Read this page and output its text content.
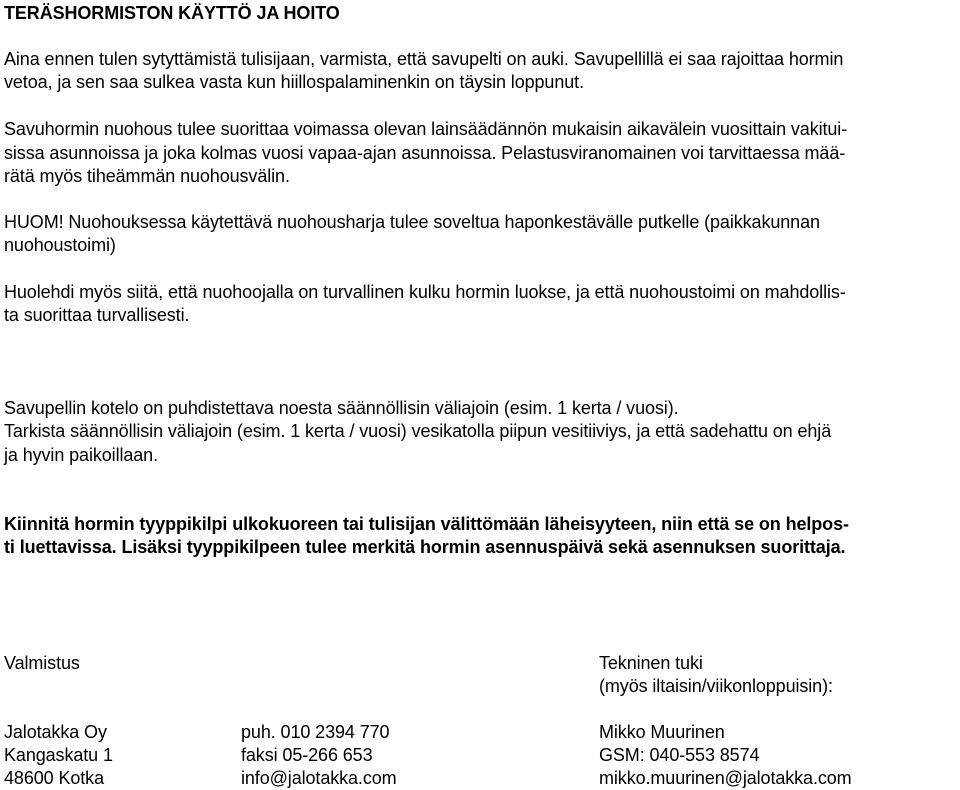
TERÄSHORMISTON KÄYTTÖ JA HOITO

Aina ennen tulen sytyttämistä tulisijaan, varmista, että savupelti on auki. Savupellillä ei saa rajoittaa hormin

vetoa, ja sen saa sulkea vasta kun hiillospalaminenkin on täysin loppunut.

Savuhormin nuohous tulee suorittaa voimassa olevan lainsäädännön mukaisin aikavälein vuosittain vakitui-

sissa asunnoissa ja joka kolmas vuosi vapaa-ajan asunnoissa. Pelastusviranomainen voi tarvittaessa mää-

rätä myös tiheämmän nuohousvälin.

HUOM! Nuohouksessa käytettävä nuohousharja tulee soveltua haponkestävälle putkelle (paikkakunnan

nuohoustoimi)

Huolehdi myös siitä, että nuohoojalla on turvallinen kulku hormin luokse, ja että nuohoustoimi on mahdollis-

ta suorittaa turvallisesti.

Savupellin kotelo on puhdistettava noesta säännöllisin väliajoin (esim. 1 kerta / vuosi).

Tarkista säännöllisin väliajoin (esim. 1 kerta / vuosi) vesikatolla piipun vesitiiviys, ja että sadehattu on ehjä

ja hyvin paikoillaan.

Kiinnitä hormin tyyppikilpi ulkokuoreen tai tulisijan välittömään läheisyyteen, niin että se on helpos-

ti luettavissa. Lisäksi tyyppikilpeen tulee merkitä hormin asennuspäivä sekä asennuksen suorittaja.

Valmistus	Tekninen tuki

(myös iltaisin/viikonloppuisin):

Jalotakka Oy

Kangaskatu 1

48600 Kotka

puh. 010 2394 770

faksi 05-266 653

info@jalotakka.com

Mikko Muurinen

GSM: 040-553 8574

mikko.muurinen@jalotakka.com
